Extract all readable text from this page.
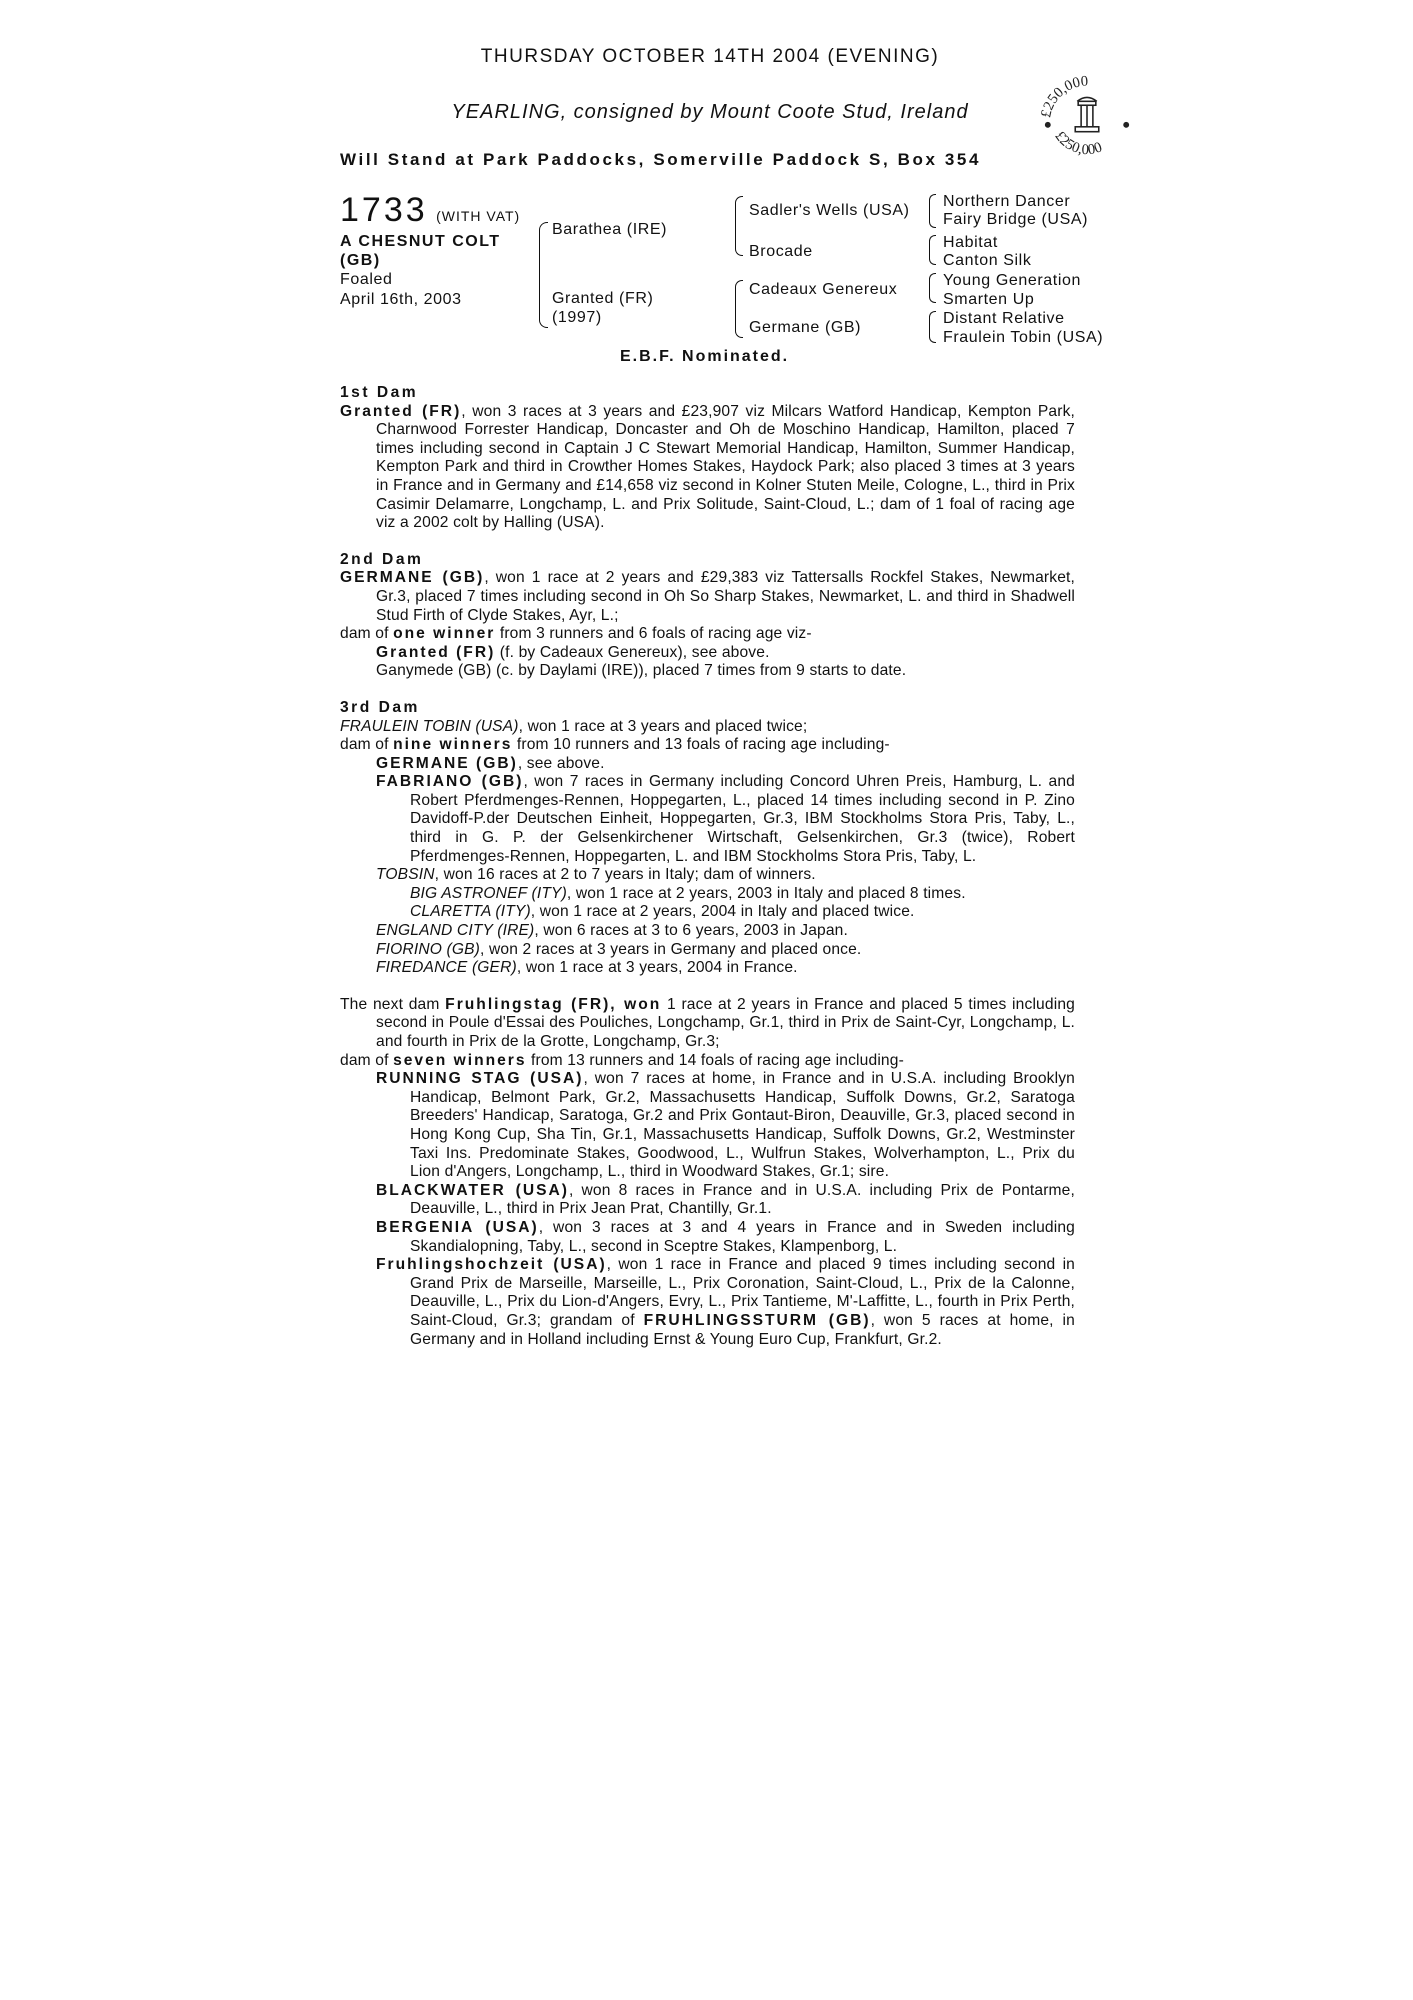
THURSDAY OCTOBER 14TH 2004 (EVENING)
YEARLING, consigned by Mount Coote Stud, Ireland
Will Stand at Park Paddocks, Somerville Paddock S, Box 354
£250,000
£250,000
1733 (WITH VAT)
A CHESNUT COLT (GB)
Foaled
April 16th, 2003
Barathea (IRE)
Granted (FR)
(1997)
Sadler's Wells (USA)
Brocade
Cadeaux Genereux
Germane (GB)
Northern Dancer
Fairy Bridge (USA)
Habitat
Canton Silk
Young Generation
Smarten Up
Distant Relative
Fraulein Tobin (USA)
E.B.F. Nominated.

1st Dam

Granted (FR), won 3 races at 3 years and £23,907 viz Milcars Watford Handicap, Kempton Park, Charnwood Forrester Handicap, Doncaster and Oh de Moschino Handicap, Hamilton, placed 7 times including second in Captain J C Stewart Memorial Handicap, Hamilton, Summer Handicap, Kempton Park and third in Crowther Homes Stakes, Haydock Park; also placed 3 times at 3 years in France and in Germany and £14,658 viz second in Kolner Stuten Meile, Cologne, L., third in Prix Casimir Delamarre, Longchamp, L. and Prix Solitude, Saint-Cloud, L.; dam of 1 foal of racing age viz a 2002 colt by Halling (USA).

2nd Dam

GERMANE (GB), won 1 race at 2 years and £29,383 viz Tattersalls Rockfel Stakes, Newmarket, Gr.3, placed 7 times including second in Oh So Sharp Stakes, Newmarket, L. and third in Shadwell Stud Firth of Clyde Stakes, Ayr, L.;

dam of one winner from 3 runners and 6 foals of racing age viz-

Granted (FR) (f. by Cadeaux Genereux), see above.

Ganymede (GB) (c. by Daylami (IRE)), placed 7 times from 9 starts to date.

3rd Dam

FRAULEIN TOBIN (USA), won 1 race at 3 years and placed twice;

dam of nine winners from 10 runners and 13 foals of racing age including-

GERMANE (GB), see above.

FABRIANO (GB), won 7 races in Germany including Concord Uhren Preis, Hamburg, L. and Robert Pferdmenges-Rennen, Hoppegarten, L., placed 14 times including second in P. Zino Davidoff-P.der Deutschen Einheit, Hoppegarten, Gr.3, IBM Stockholms Stora Pris, Taby, L., third in G. P. der Gelsenkirchener Wirtschaft, Gelsenkirchen, Gr.3 (twice), Robert Pferdmenges-Rennen, Hoppegarten, L. and IBM Stockholms Stora Pris, Taby, L.

TOBSIN, won 16 races at 2 to 7 years in Italy; dam of winners.

BIG ASTRONEF (ITY), won 1 race at 2 years, 2003 in Italy and placed 8 times.

CLARETTA (ITY), won 1 race at 2 years, 2004 in Italy and placed twice.

ENGLAND CITY (IRE), won 6 races at 3 to 6 years, 2003 in Japan.

FIORINO (GB), won 2 races at 3 years in Germany and placed once.

FIREDANCE (GER), won 1 race at 3 years, 2004 in France.

The next dam Fruhlingstag (FR), won 1 race at 2 years in France and placed 5 times including second in Poule d'Essai des Pouliches, Longchamp, Gr.1, third in Prix de Saint-Cyr, Longchamp, L. and fourth in Prix de la Grotte, Longchamp, Gr.3;

dam of seven winners from 13 runners and 14 foals of racing age including-

RUNNING STAG (USA), won 7 races at home, in France and in U.S.A. including Brooklyn Handicap, Belmont Park, Gr.2, Massachusetts Handicap, Suffolk Downs, Gr.2, Saratoga Breeders' Handicap, Saratoga, Gr.2 and Prix Gontaut-Biron, Deauville, Gr.3, placed second in Hong Kong Cup, Sha Tin, Gr.1, Massachusetts Handicap, Suffolk Downs, Gr.2, Westminster Taxi Ins. Predominate Stakes, Goodwood, L., Wulfrun Stakes, Wolverhampton, L., Prix du Lion d'Angers, Longchamp, L., third in Woodward Stakes, Gr.1; sire.

BLACKWATER (USA), won 8 races in France and in U.S.A. including Prix de Pontarme, Deauville, L., third in Prix Jean Prat, Chantilly, Gr.1.

BERGENIA (USA), won 3 races at 3 and 4 years in France and in Sweden including Skandialopning, Taby, L., second in Sceptre Stakes, Klampenborg, L.

Fruhlingshochzeit (USA), won 1 race in France and placed 9 times including second in Grand Prix de Marseille, Marseille, L., Prix Coronation, Saint-Cloud, L., Prix de la Calonne, Deauville, L., Prix du Lion-d'Angers, Evry, L., Prix Tantieme, M'-Laffitte, L., fourth in Prix Perth, Saint-Cloud, Gr.3; grandam of FRUHLINGSSTURM (GB), won 5 races at home, in Germany and in Holland including Ernst & Young Euro Cup, Frankfurt, Gr.2.
